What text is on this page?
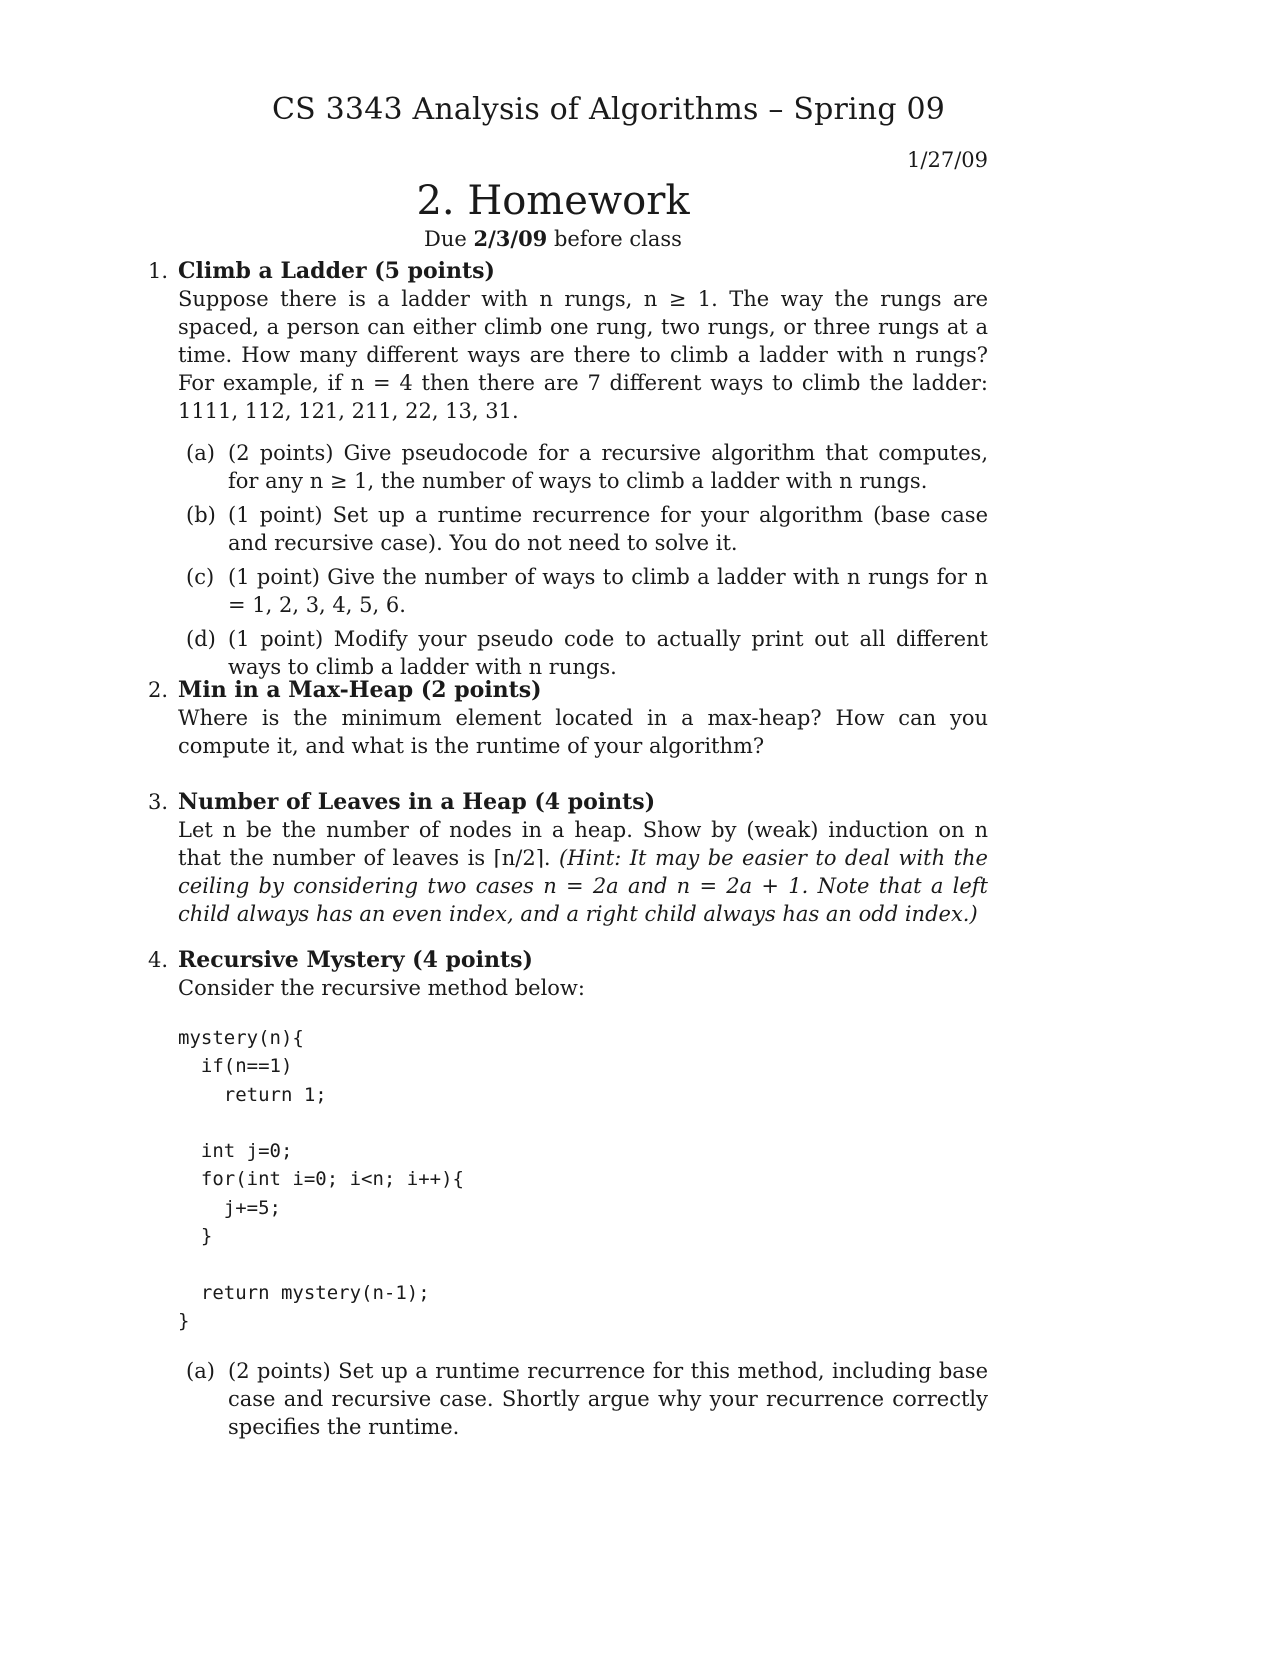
CS 3343 Analysis of Algorithms – Spring 09
1/27/09
2. Homework
Due 2/3/09 before class
1. Climb a Ladder (5 points)
Suppose there is a ladder with n rungs, n ≥ 1. The way the rungs are spaced, a person can either climb one rung, two rungs, or three rungs at a time. How many different ways are there to climb a ladder with n rungs? For example, if n = 4 then there are 7 different ways to climb the ladder: 1111, 112, 121, 211, 22, 13, 31.
(a) (2 points) Give pseudocode for a recursive algorithm that computes, for any n ≥ 1, the number of ways to climb a ladder with n rungs.
(b) (1 point) Set up a runtime recurrence for your algorithm (base case and recursive case). You do not need to solve it.
(c) (1 point) Give the number of ways to climb a ladder with n rungs for n = 1, 2, 3, 4, 5, 6.
(d) (1 point) Modify your pseudo code to actually print out all different ways to climb a ladder with n rungs.
2. Min in a Max-Heap (2 points)
Where is the minimum element located in a max-heap? How can you compute it, and what is the runtime of your algorithm?
3. Number of Leaves in a Heap (4 points)
Let n be the number of nodes in a heap. Show by (weak) induction on n that the number of leaves is ⌈n/2⌉. (Hint: It may be easier to deal with the ceiling by considering two cases n = 2a and n = 2a + 1. Note that a left child always has an even index, and a right child always has an odd index.)
4. Recursive Mystery (4 points)
Consider the recursive method below:
mystery(n){
if(n==1)
return 1;

int j=0;
for(int i=0; i<n; i++){
j+=5;
}

return mystery(n-1);
}
(a) (2 points) Set up a runtime recurrence for this method, including base case and recursive case. Shortly argue why your recurrence correctly specifies the runtime.
